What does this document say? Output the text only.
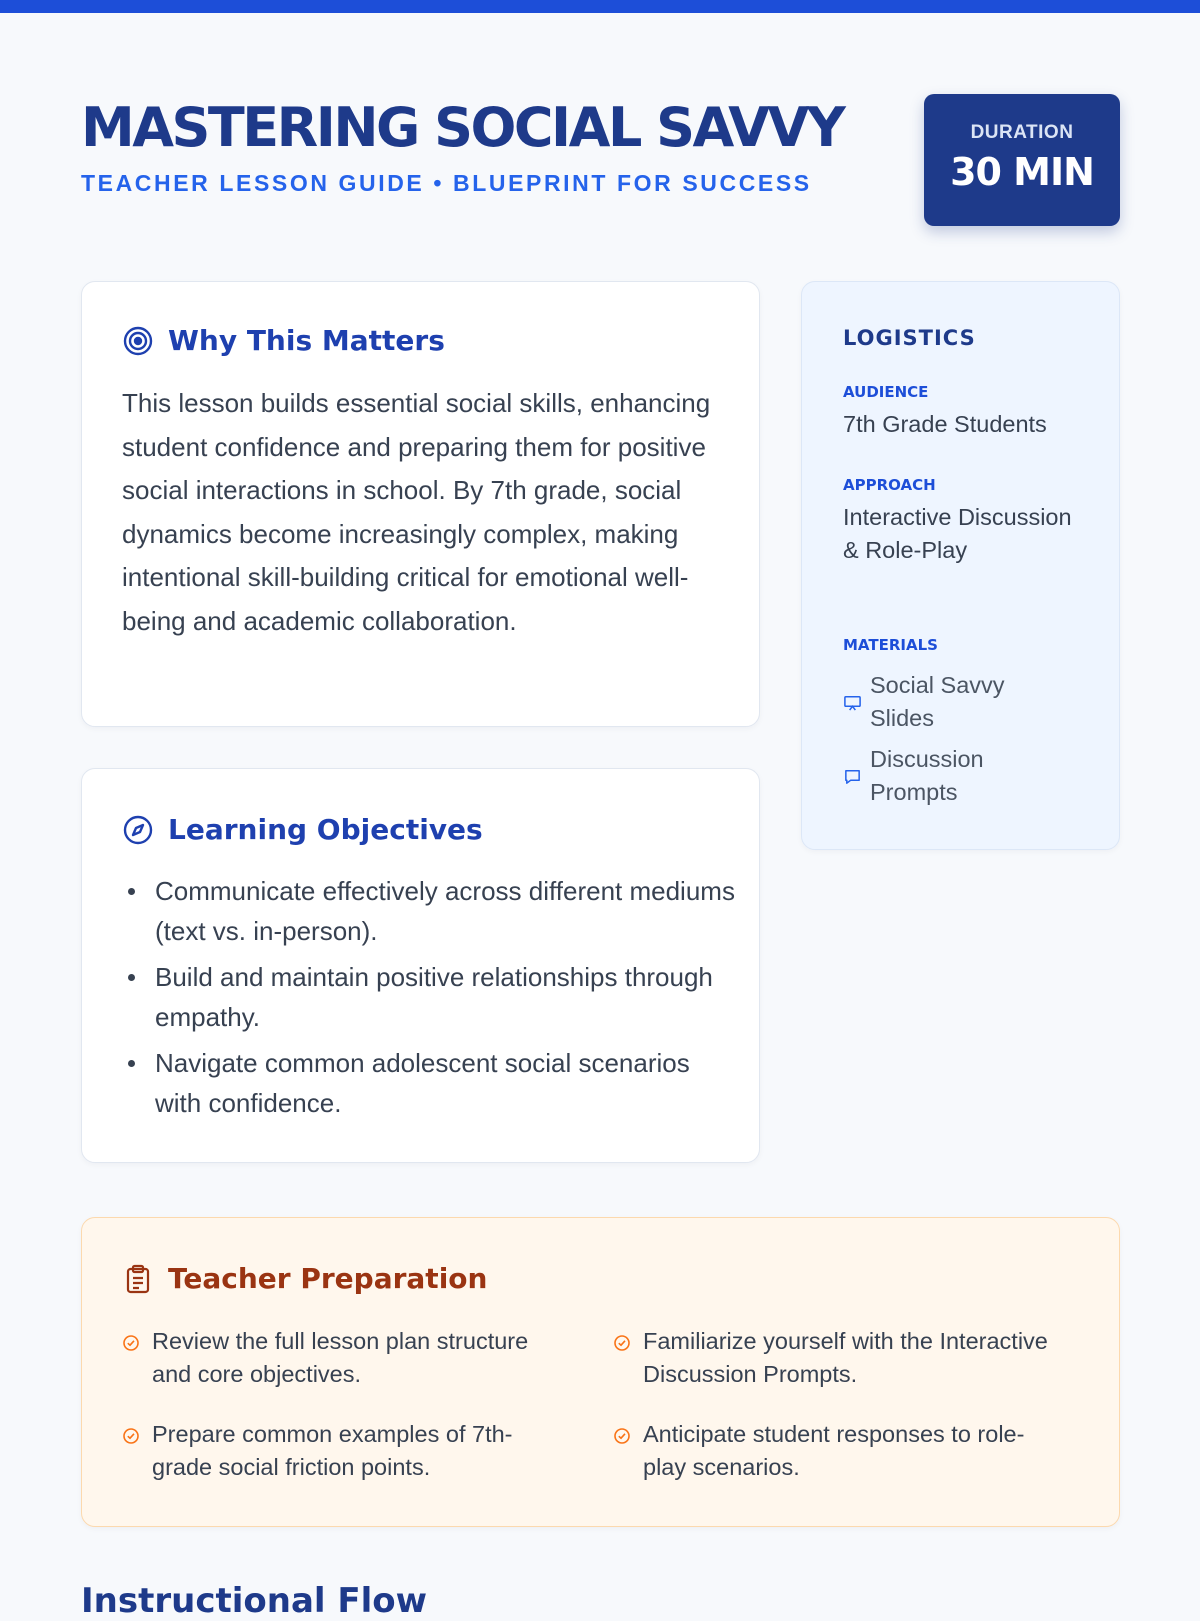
MASTERING SOCIAL SAVVY
TEACHER LESSON GUIDE • BLUEPRINT FOR SUCCESS
DURATION
30 MIN
Why This Matters

This lesson builds essential social skills, enhancing student confidence and preparing them for positive social interactions in school. By 7th grade, social dynamics become increasingly complex, making intentional skill-building critical for emotional well-being and academic collaboration.

Learning Objectives
Communicate effectively across different mediums (text vs. in-person).
Build and maintain positive relationships through empathy.
Navigate common adolescent social scenarios with confidence.
LOGISTICS
AUDIENCE
7th Grade Students
APPROACH
Interactive Discussion & Role-Play
MATERIALS
Social Savvy Slides
Discussion Prompts
Teacher Preparation
Review the full lesson plan structure and core objectives.
Familiarize yourself with the Interactive Discussion Prompts.
Prepare common examples of 7th-grade social friction points.
Anticipate student responses to role-play scenarios.
Instructional Flow
